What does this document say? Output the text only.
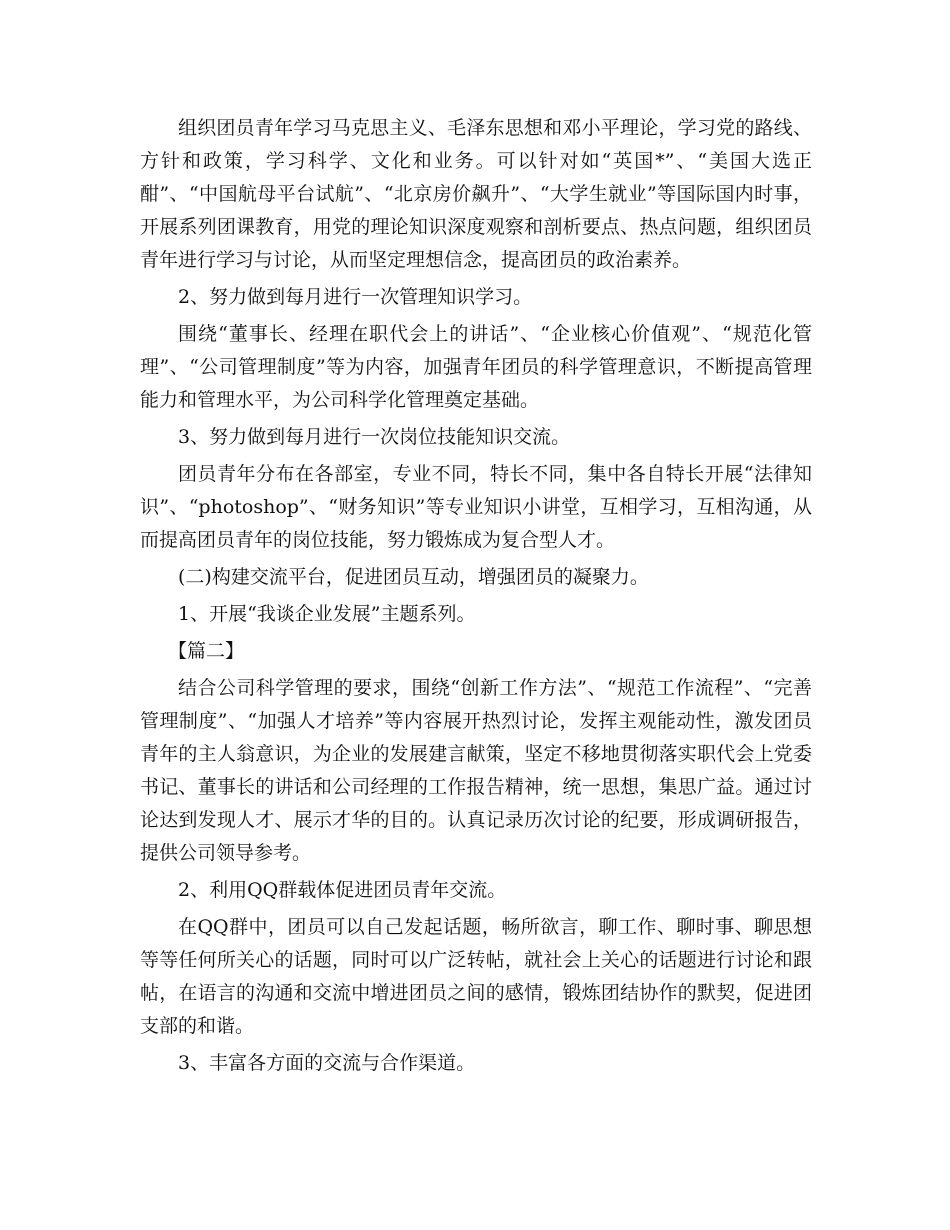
组织团员青年学习马克思主义、毛泽东思想和邓小平理论，学习党的路线、方针和政策，学习科学、文化和业务。可以针对如“英国*”、“美国大选正酣”、“中国航母平台试航”、“北京房价飙升”、“大学生就业”等国际国内时事，开展系列团课教育，用党的理论知识深度观察和剖析要点、热点问题，组织团员青年进行学习与讨论，从而坚定理想信念，提高团员的政治素养。

2、努力做到每月进行一次管理知识学习。

围绕“董事长、经理在职代会上的讲话”、“企业核心价值观”、“规范化管理”、“公司管理制度”等为内容，加强青年团员的科学管理意识，不断提高管理能力和管理水平，为公司科学化管理奠定基础。

3、努力做到每月进行一次岗位技能知识交流。

团员青年分布在各部室，专业不同，特长不同，集中各自特长开展“法律知识”、“photoshop”、“财务知识”等专业知识小讲堂，互相学习，互相沟通，从而提高团员青年的岗位技能，努力锻炼成为复合型人才。

(二)构建交流平台，促进团员互动，增强团员的凝聚力。

1、开展“我谈企业发展”主题系列。

【篇二】

结合公司科学管理的要求，围绕“创新工作方法”、“规范工作流程”、“完善管理制度”、“加强人才培养”等内容展开热烈讨论，发挥主观能动性，激发团员青年的主人翁意识，为企业的发展建言献策，坚定不移地贯彻落实职代会上党委书记、董事长的讲话和公司经理的工作报告精神，统一思想，集思广益。通过讨论达到发现人才、展示才华的目的。认真记录历次讨论的纪要，形成调研报告，提供公司领导参考。

2、利用QQ群载体促进团员青年交流。

在QQ群中，团员可以自己发起话题，畅所欲言，聊工作、聊时事、聊思想等等任何所关心的话题，同时可以广泛转帖，就社会上关心的话题进行讨论和跟帖，在语言的沟通和交流中增进团员之间的感情，锻炼团结协作的默契，促进团支部的和谐。

3、丰富各方面的交流与合作渠道。
